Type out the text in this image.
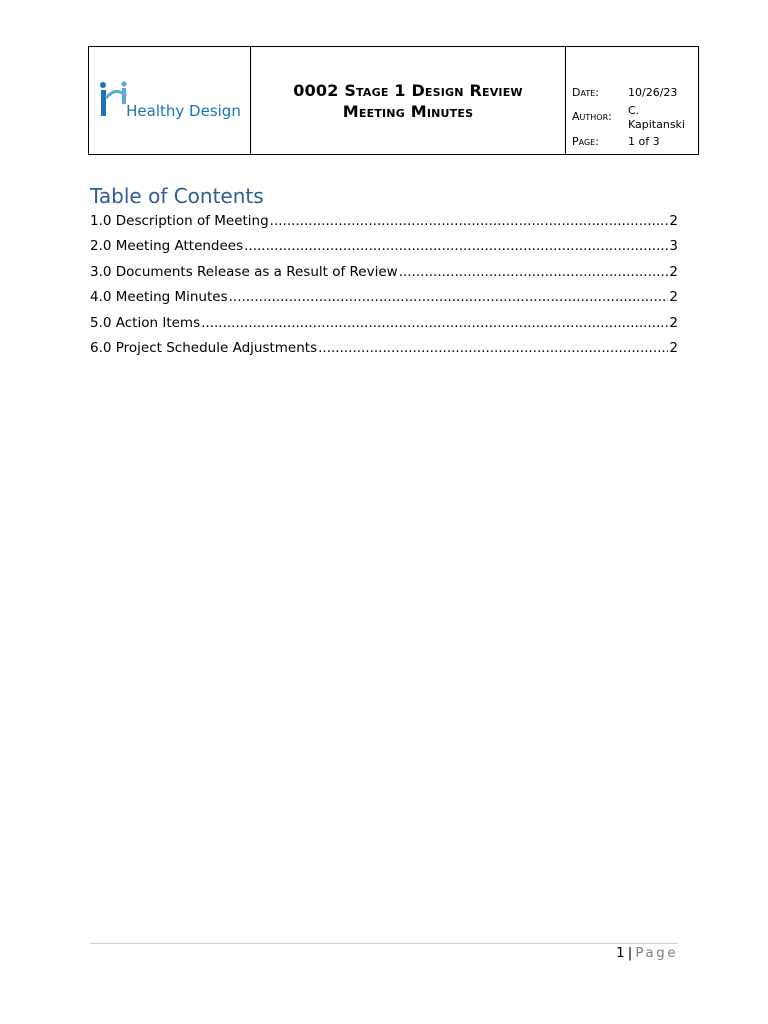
Healthy Design

0002 Stage 1 Design Review
Meeting Minutes

Date:	10/26/23

Author:	C. Kapitanski

Page:	1 of 3
Table of Contents
1.0 Description of Meeting .....	2
2.0 Meeting Attendees .....	3
3.0 Documents Release as a Result of Review .....	2
4.0 Meeting Minutes .....	2
5.0 Action Items .....	2
6.0 Project Schedule Adjustments .....	2
1 | Page
